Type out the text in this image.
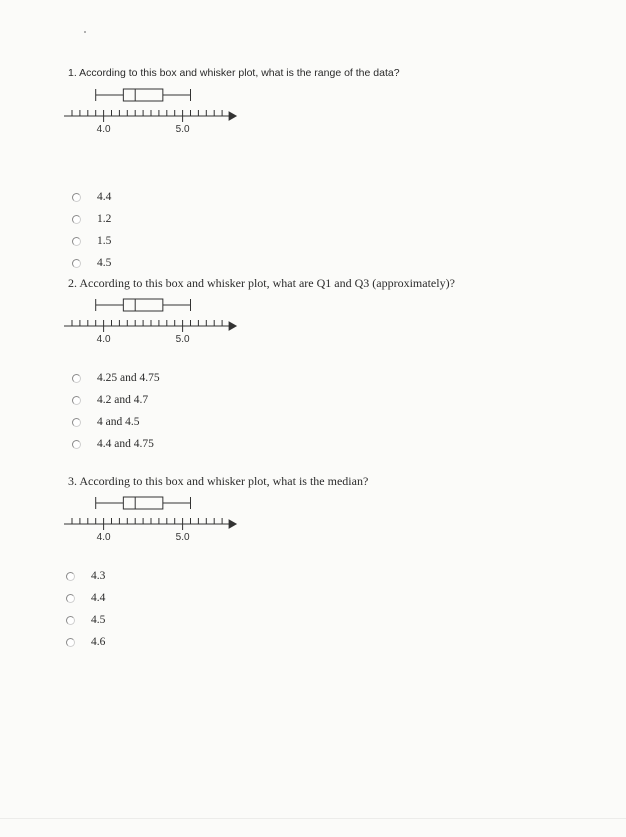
1. According to this box and whisker plot, what is the range of the data?

4.0	5.0
4.4
1.2
1.5
4.5

2. According to this box and whisker plot, what are Q1 and Q3 (approximately)?

4.0	5.0
4.25 and 4.75
4.2 and 4.7
4 and 4.5
4.4 and 4.75

3. According to this box and whisker plot, what is the median?

4.0	5.0
4.3
4.4
4.5
4.6
